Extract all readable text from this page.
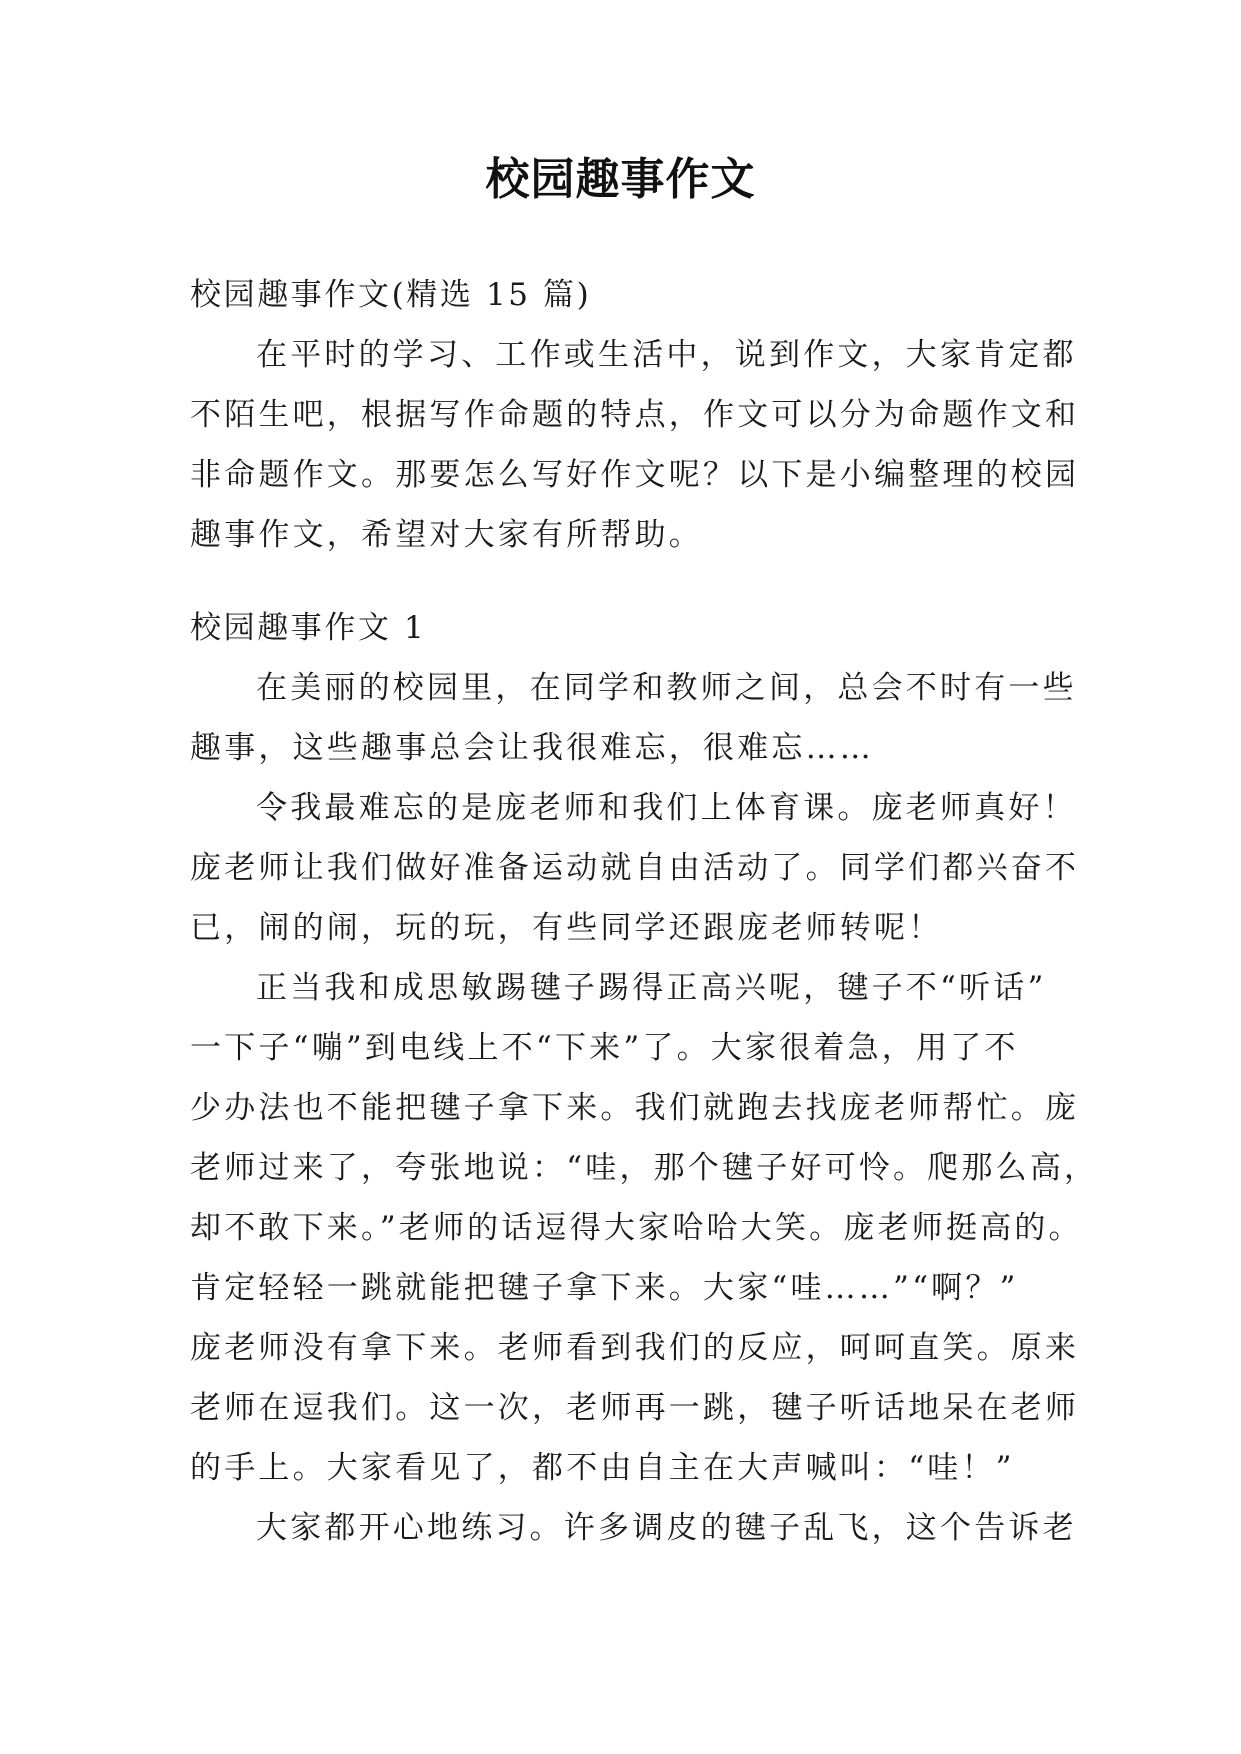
校园趣事作文
校园趣事作文(精选 15 篇)
在平时的学习、工作或生活中，说到作文，大家肯定都
不陌生吧，根据写作命题的特点，作文可以分为命题作文和
非命题作文。那要怎么写好作文呢？以下是小编整理的校园
趣事作文，希望对大家有所帮助。
校园趣事作文 1
在美丽的校园里，在同学和教师之间，总会不时有一些
趣事，这些趣事总会让我很难忘，很难忘……
令我最难忘的是庞老师和我们上体育课。庞老师真好！
庞老师让我们做好准备运动就自由活动了。同学们都兴奋不
已，闹的闹，玩的玩，有些同学还跟庞老师转呢！
正当我和成思敏踢毽子踢得正高兴呢，毽子不“听话”
一下子“嘣”到电线上不“下来”了。大家很着急，用了不
少办法也不能把毽子拿下来。我们就跑去找庞老师帮忙。庞
老师过来了，夸张地说：“哇，那个毽子好可怜。爬那么高，
却不敢下来。”老师的话逗得大家哈哈大笑。庞老师挺高的。
肯定轻轻一跳就能把毽子拿下来。大家“哇……”“啊？”
庞老师没有拿下来。老师看到我们的反应，呵呵直笑。原来
老师在逗我们。这一次，老师再一跳，毽子听话地呆在老师
的手上。大家看见了，都不由自主在大声喊叫：“哇！”
大家都开心地练习。许多调皮的毽子乱飞，这个告诉老
